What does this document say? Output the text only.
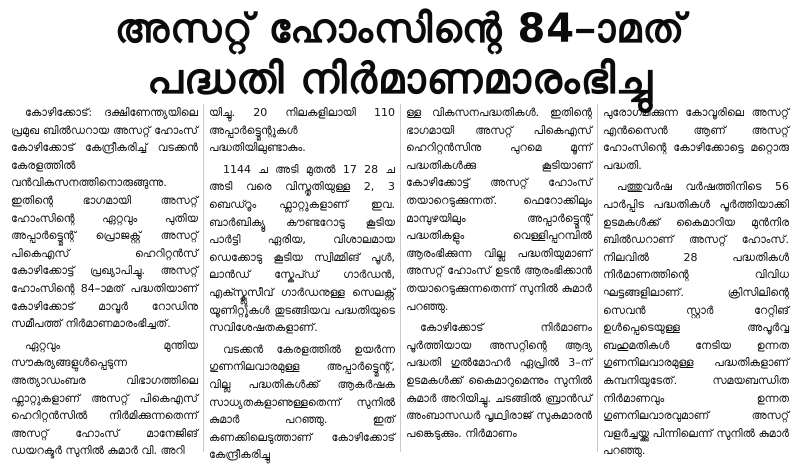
അസറ്റ് ഹോംസിന്റെ 84–ാമത്
പദ്ധതി നിർമാണമാരംഭിച്ചു

കോഴിക്കോട്: ദക്ഷിണേന്ത്യയിലെ പ്രമുഖ ബിൽഡറായ അസറ്റ് ഹോംസ് കോഴിക്കോട് കേന്ദ്രീകരിച്ച് വടക്കൻ കേരളത്തിൽ വൻവികസനത്തിനൊരുങ്ങുന്നു. ഇതിന്റെ ഭാഗമായി അസറ്റ് ഹോംസിന്റെ ഏറ്റവും പുതിയ അപ്പാർട്ട്മെന്റ് പ്രൊജക്റ്റ് അസറ്റ് പികെഎസ് ഹെറിറ്റൻസ് കോഴിക്കോട്ട് പ്രഖ്യാപിച്ചു. അസറ്റ് ഹോംസിന്റെ 84–ാമത് പദ്ധതിയാണ് കോഴിക്കോട് മാവൂർ റോഡിനു സമീപത്ത് നിർമാണമാരംഭിച്ചത്.

ഏറ്റവും മുന്തിയ സൗകര്യങ്ങളുൾപ്പെടുന്ന അത്യാഡംബര വിഭാഗത്തിലെ ഫ്ലാറ്റുകളാണ് അസറ്റ് പികെഎസ് ഹെറിറ്റൻസിൽ നിർമിക്കുന്നതെന്ന് അസറ്റ് ഹോംസ് മാനേജിങ് ഡയറക്ടർ സുനിൽ കുമാർ വി. അറി

യിച്ചു. 20 നിലകളിലായി 110 അപ്പാർട്ട്മെന്റുകൾ പദ്ധതിയിലുണ്ടാകും.

1144 ച അടി മുതൽ 17 28 ച അടി വരെ വിസ്തൃതിയുള്ള 2, 3 ബെഡ്റൂം ഫ്ലാറ്റുകളാണ് ഇവ. ബാർബിക്യൂ കൗണ്ടറോടു കൂടിയ പാർട്ടി ഏരിയ, വിശാലമായ ഡെക്കോടു കൂടിയ സ്വിമ്മിങ് പൂൾ, ലാൻഡ് സ്കേപ്ഡ് ഗാർഡൻ, എക്സ്ക്ലൂസീവ് ഗാർഡനുള്ള സെലക്റ്റ് യൂണിറ്റുകൾ തുടങ്ങിയവ പദ്ധതിയുടെ സവിശേഷതകളാണ്.

വടക്കൻ കേരളത്തിൽ ഉയർന്ന ഗുണനിലവാരമുള്ള അപ്പാർട്ട്മെന്റ്, വില്ല പദ്ധതികൾക്ക് ആകർഷക സാധ്യതകളാണുള്ളതെന്ന് സുനിൽ കുമാർ പറഞ്ഞു. ഇത് കണക്കിലെടുത്താണ് കോഴിക്കോട് കേന്ദ്രീകരിച്ചു

ള്ള വികസനപദ്ധതികൾ. ഇതിന്റെ ഭാഗമായി അസറ്റ് പികെഎസ് ഹെറിറ്റൻസിനു പുറമെ മൂന്ന് പദ്ധതികൾക്കു കൂടിയാണ് കോഴിക്കോട്ട് അസറ്റ് ഹോംസ് തയാറെടുക്കുന്നത്. ഫെറോക്കിലും മാമ്പുഴയിലും അപ്പാർട്ട്മെന്റ് പദ്ധതികളും വെള്ളിപ്പറമ്പിൽ ആരംഭിക്കുന്ന വില്ല പദ്ധതിയുമാണ് അസറ്റ് ഹോംസ് ഉടൻ ആരംഭിക്കാൻ തയാറെടുക്കുന്നതെന്ന് സുനിൽ കുമാർ പറഞ്ഞു.

കോഴിക്കോട് നിർമാണം പൂർത്തിയായ അസറ്റിന്റെ ആദ്യ പദ്ധതി ഗുൽമോഹർ ഏപ്രിൽ 3–ന് ഉടമകൾക്ക് കൈമാറുമെന്നും സുനിൽ കുമാർ അറിയിച്ചു. ചടങ്ങിൽ ബ്രാൻഡ് അംബാസഡർ പൃഥ്വിരാജ് സുകുമാരൻ പങ്കെടുക്കും. നിർമാണം

പുരോഗമിക്കുന്ന കോവൂരിലെ അസറ്റ് എൻസൈൻ ആണ് അസറ്റ് ഹോംസിന്റെ കോഴിക്കോട്ടെ മറ്റൊരു പദ്ധതി.

പത്തുവർഷ വർഷത്തിനിടെ 56 പാർപ്പിട പദ്ധതികൾ പൂർത്തിയാക്കി ഉടമകൾക്ക് കൈമാറിയ മുൻനിര ബിൽഡറാണ് അസറ്റ് ഹോംസ്. നിലവിൽ 28 പദ്ധതികൾ നിർമാണത്തിന്റെ വിവിധ ഘട്ടങ്ങളിലാണ്. ക്രിസിലിന്റെ സെവൻ സ്റ്റാർ റേറ്റിങ് ഉൾപ്പെടെയുള്ള അപൂർവ്വ ബഹുമതികൾ നേടിയ ഉന്നത ഗുണനിലവാരമുള്ള പദ്ധതികളാണ് കമ്പനിയുടേത്. സമയബന്ധിത നിർമാണവും ഉന്നത ഗുണനിലവാരവുമാണ് അസറ്റ് വളർച്ചയ്ക്കു പിന്നിലെന്ന് സുനിൽ കുമാർ പറഞ്ഞു.
